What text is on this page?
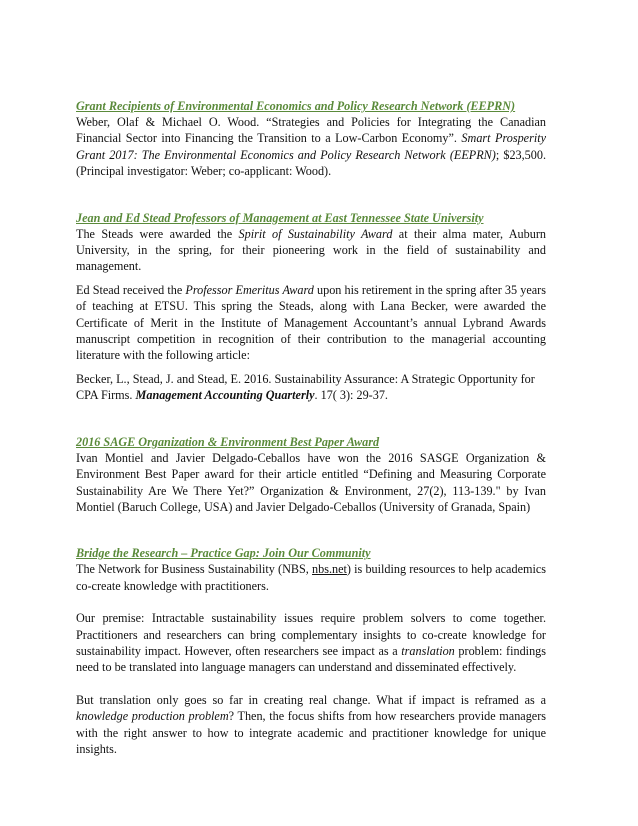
Grant Recipients of Environmental Economics and Policy Research Network (EEPRN)

Weber, Olaf & Michael O. Wood. “Strategies and Policies for Integrating the Canadian Financial Sector into Financing the Transition to a Low-Carbon Economy”. Smart Prosperity Grant 2017: The Environmental Economics and Policy Research Network (EEPRN); $23,500. (Principal investigator: Weber; co-applicant: Wood).

Jean and Ed Stead Professors of Management at East Tennessee State University

The Steads were awarded the Spirit of Sustainability Award at their alma mater, Auburn University, in the spring, for their pioneering work in the field of sustainability and management.

Ed Stead received the Professor Emeritus Award upon his retirement in the spring after 35 years of teaching at ETSU. This spring the Steads, along with Lana Becker, were awarded the Certificate of Merit in the Institute of Management Accountant’s annual Lybrand Awards manuscript competition in recognition of their contribution to the managerial accounting literature with the following article:

Becker, L., Stead, J. and Stead, E. 2016. Sustainability Assurance: A Strategic Opportunity for CPA Firms. Management Accounting Quarterly. 17( 3): 29-37.

2016 SAGE Organization & Environment Best Paper Award

Ivan Montiel and Javier Delgado-Ceballos have won the 2016 SASGE Organization & Environment Best Paper award for their article entitled “Defining and Measuring Corporate Sustainability Are We There Yet?” Organization & Environment, 27(2), 113-139." by Ivan Montiel (Baruch College, USA) and Javier Delgado-Ceballos (University of Granada, Spain)

Bridge the Research – Practice Gap: Join Our Community

The Network for Business Sustainability (NBS, nbs.net) is building resources to help academics co-create knowledge with practitioners.

Our premise: Intractable sustainability issues require problem solvers to come together. Practitioners and researchers can bring complementary insights to co-create knowledge for sustainability impact. However, often researchers see impact as a translation problem: findings need to be translated into language managers can understand and disseminated effectively.

But translation only goes so far in creating real change. What if impact is reframed as a knowledge production problem? Then, the focus shifts from how researchers provide managers with the right answer to how to integrate academic and practitioner knowledge for unique insights.
